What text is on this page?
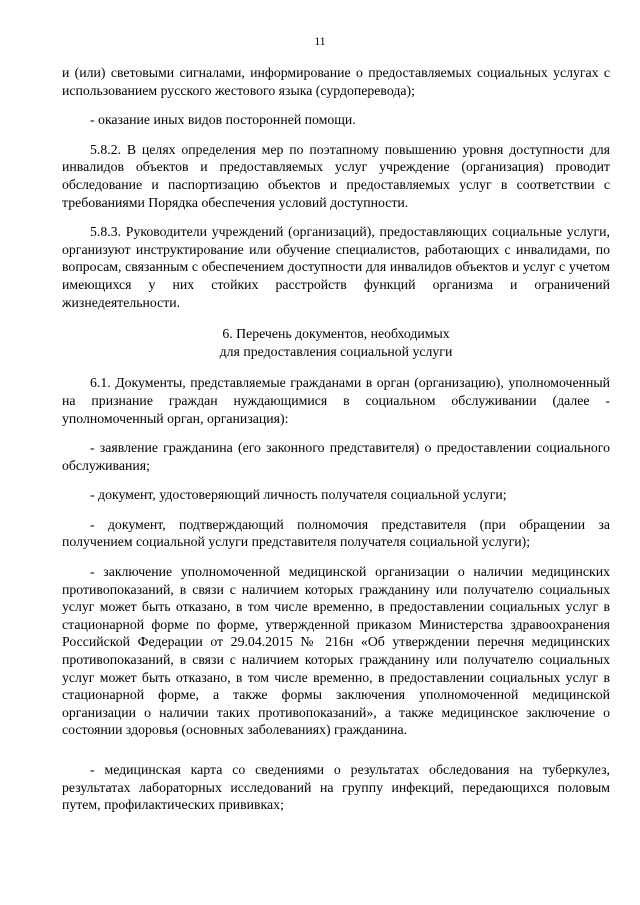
11

и (или) световыми сигналами, информирование о предоставляемых социальных услугах с использованием русского жестового языка (сурдоперевода);

- оказание иных видов посторонней помощи.

5.8.2. В целях определения мер по поэтапному повышению уровня доступности для инвалидов объектов и предоставляемых услуг учреждение (организация) проводит обследование и паспортизацию объектов и предоставляемых услуг в соответствии с требованиями Порядка обеспечения условий доступности.

5.8.3. Руководители учреждений (организаций), предоставляющих социальные услуги, организуют инструктирование или обучение специалистов, работающих с инвалидами, по вопросам, связанным с обеспечением доступности для инвалидов объектов и услуг с учетом имеющихся у них стойких расстройств функций организма и ограничений жизнедеятельности.

6. Перечень документов, необходимых

для предоставления социальной услуги

6.1. Документы, представляемые гражданами в орган (организацию), уполномоченный на признание граждан нуждающимися в социальном обслуживании (далее - уполномоченный орган, организация):

- заявление гражданина (его законного представителя) о предоставлении социального обслуживания;

- документ, удостоверяющий личность получателя социальной услуги;

- документ, подтверждающий полномочия представителя (при обращении за получением социальной услуги представителя получателя социальной услуги);

- заключение уполномоченной медицинской организации о наличии медицинских противопоказаний, в связи с наличием которых гражданину или получателю социальных услуг может быть отказано, в том числе временно, в предоставлении социальных услуг в стационарной форме по форме, утвержденной приказом Министерства здравоохранения Российской Федерации от 29.04.2015 № 216н «Об утверждении перечня медицинских противопоказаний, в связи с наличием которых гражданину или получателю социальных услуг может быть отказано, в том числе временно, в предоставлении социальных услуг в стационарной форме, а также формы заключения уполномоченной медицинской организации о наличии таких противопоказаний», а также медицинское заключение о состоянии здоровья (основных заболеваниях) гражданина.

- медицинская карта со сведениями о результатах обследования на туберкулез, результатах лабораторных исследований на группу инфекций, передающихся половым путем, профилактических прививках;
